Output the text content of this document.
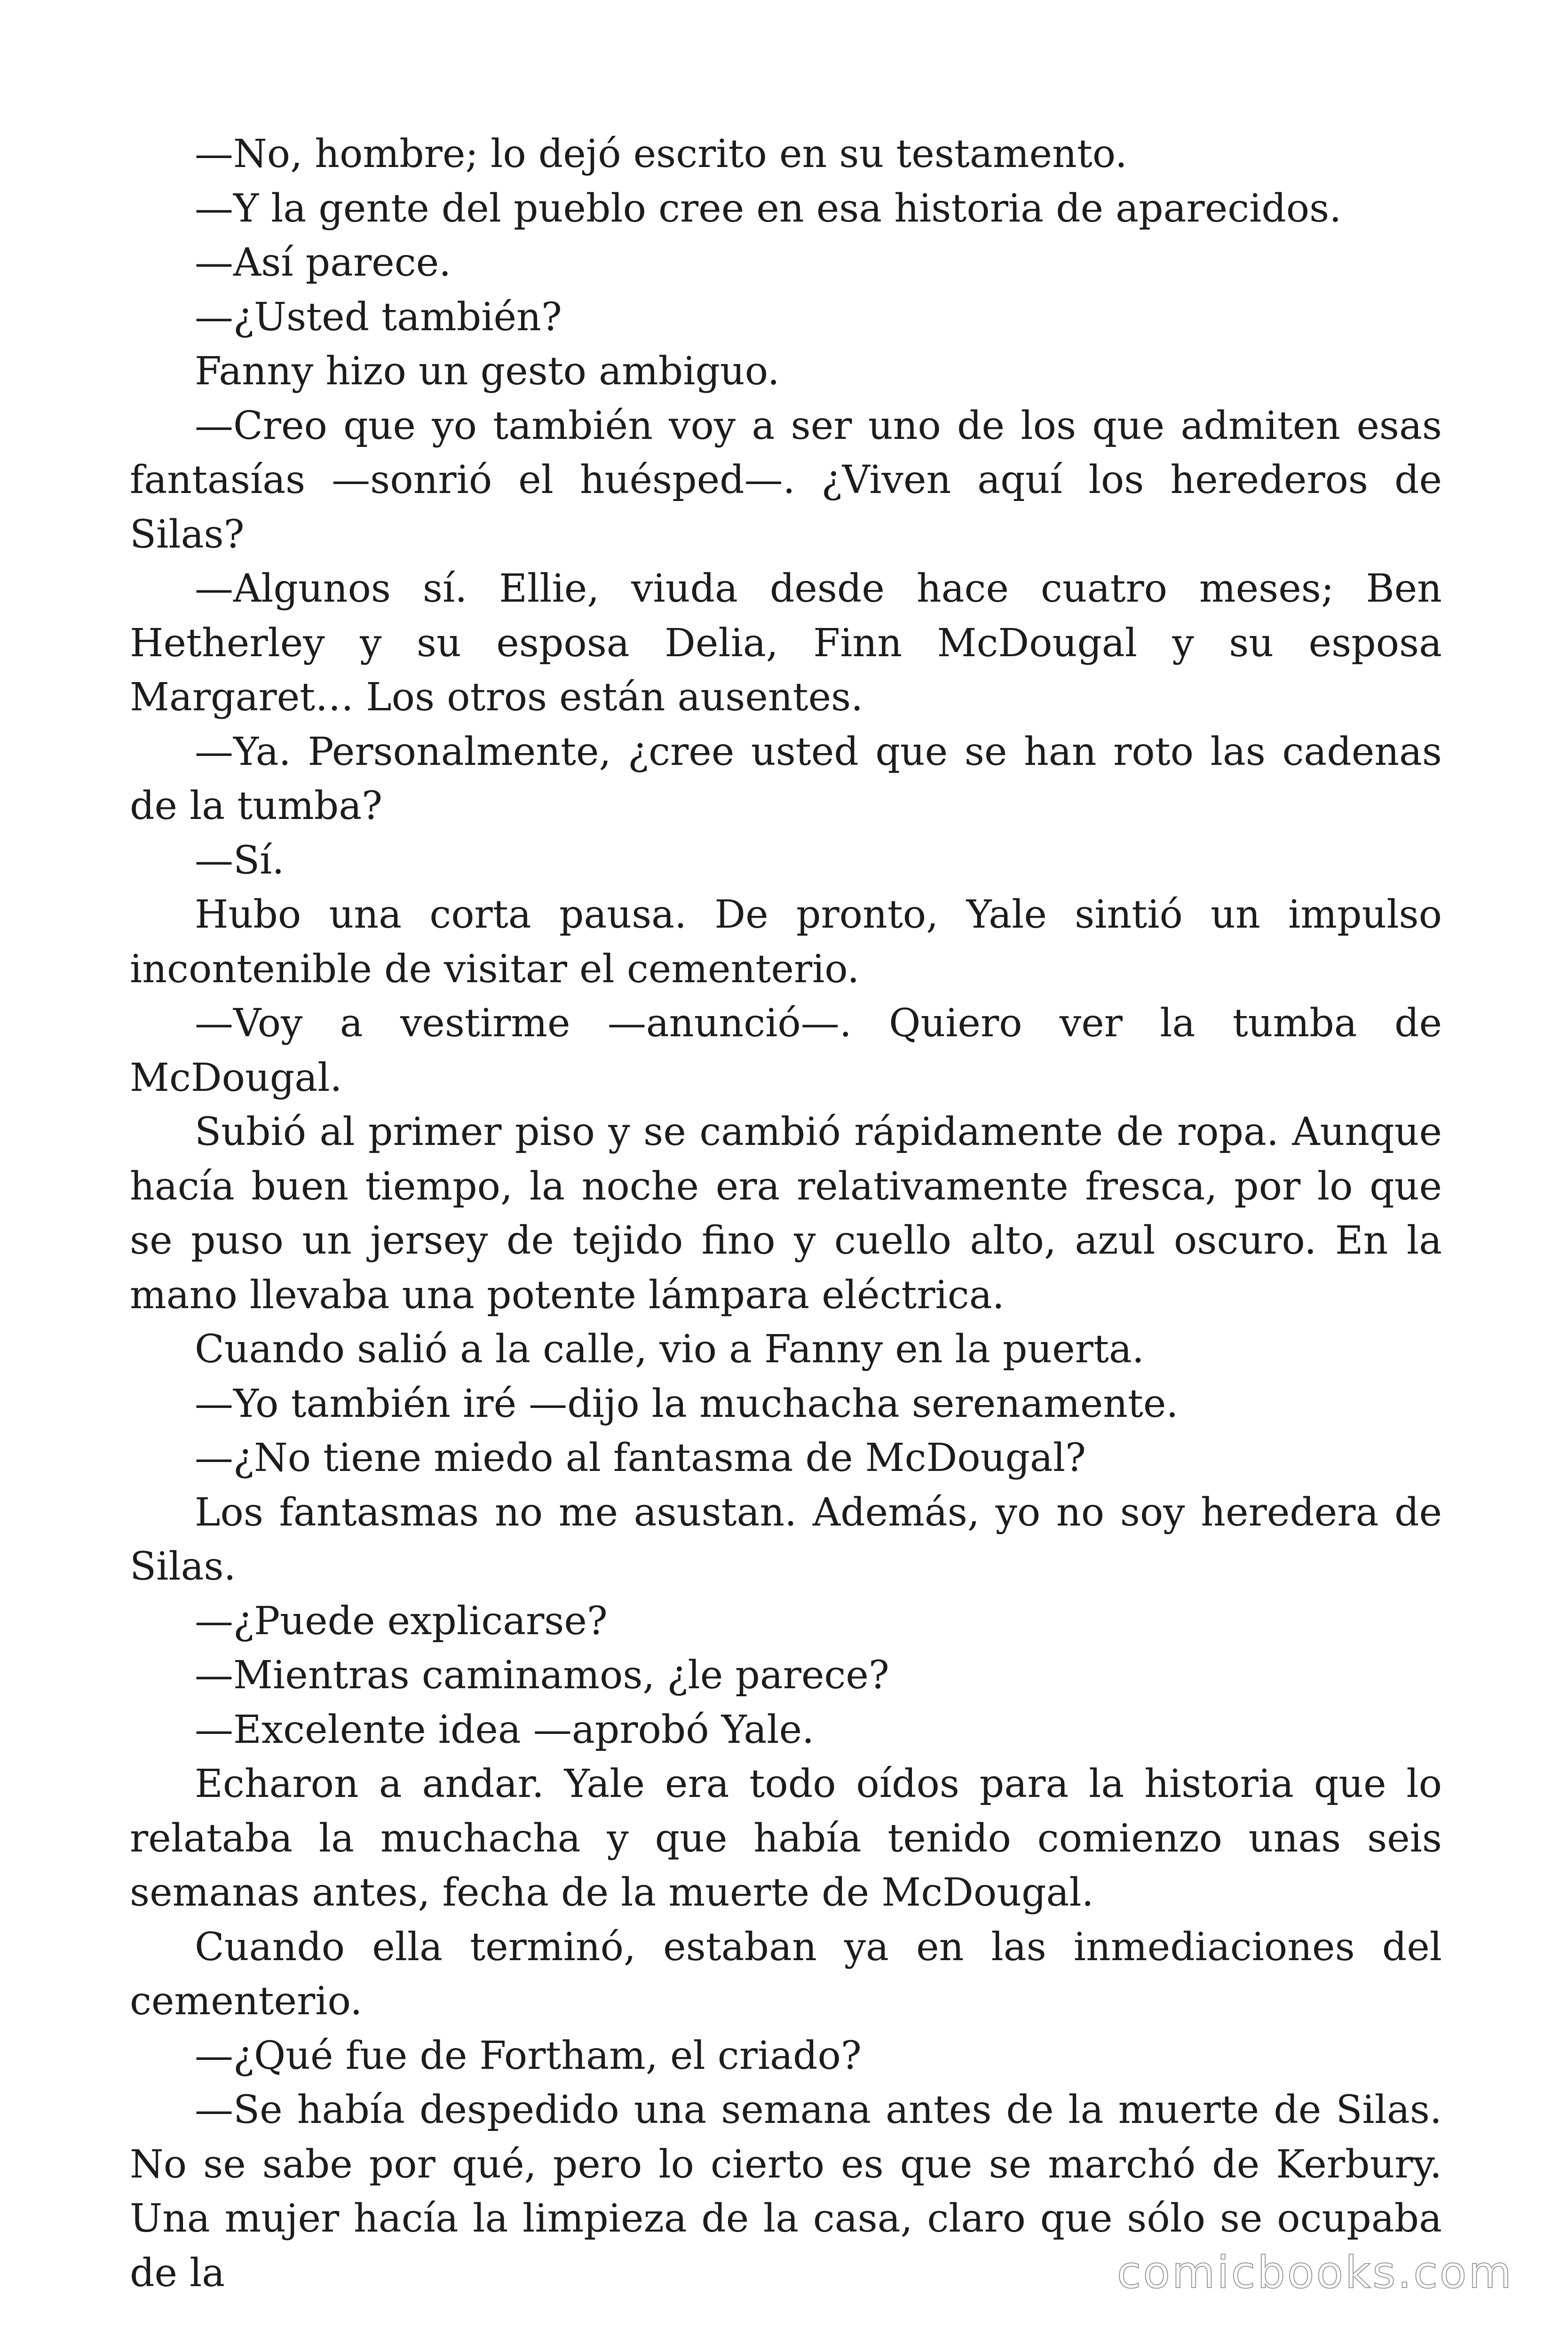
—No, hombre; lo dejó escrito en su testamento.

—Y la gente del pueblo cree en esa historia de aparecidos.

—Así parece.

—¿Usted también?

Fanny hizo un gesto ambiguo.

—Creo que yo también voy a ser uno de los que admiten esas fantasías —sonrió el huésped—. ¿Viven aquí los herederos de Silas?

—Algunos sí. Ellie, viuda desde hace cuatro meses; Ben Hetherley y su esposa Delia, Finn McDougal y su esposa Margaret… Los otros están ausentes.

—Ya. Personalmente, ¿cree usted que se han roto las cadenas de la tumba?

—Sí.

Hubo una corta pausa. De pronto, Yale sintió un impulso incontenible de visitar el cementerio.

—Voy a vestirme —anunció—. Quiero ver la tumba de McDougal.

Subió al primer piso y se cambió rápidamente de ropa. Aunque hacía buen tiempo, la noche era relativamente fresca, por lo que se puso un jersey de tejido fino y cuello alto, azul oscuro. En la mano llevaba una potente lámpara eléctrica.

Cuando salió a la calle, vio a Fanny en la puerta.

—Yo también iré —dijo la muchacha serenamente.

—¿No tiene miedo al fantasma de McDougal?

Los fantasmas no me asustan. Además, yo no soy heredera de Silas.

—¿Puede explicarse?

—Mientras caminamos, ¿le parece?

—Excelente idea —aprobó Yale.

Echaron a andar. Yale era todo oídos para la historia que lo relataba la muchacha y que había tenido comienzo unas seis semanas antes, fecha de la muerte de McDougal.

Cuando ella terminó, estaban ya en las inmediaciones del cementerio.

—¿Qué fue de Fortham, el criado?

—Se había despedido una semana antes de la muerte de Silas. No se sabe por qué, pero lo cierto es que se marchó de Kerbury. Una mujer hacía la limpieza de la casa, claro que sólo se ocupaba de la	comicbooks.com
